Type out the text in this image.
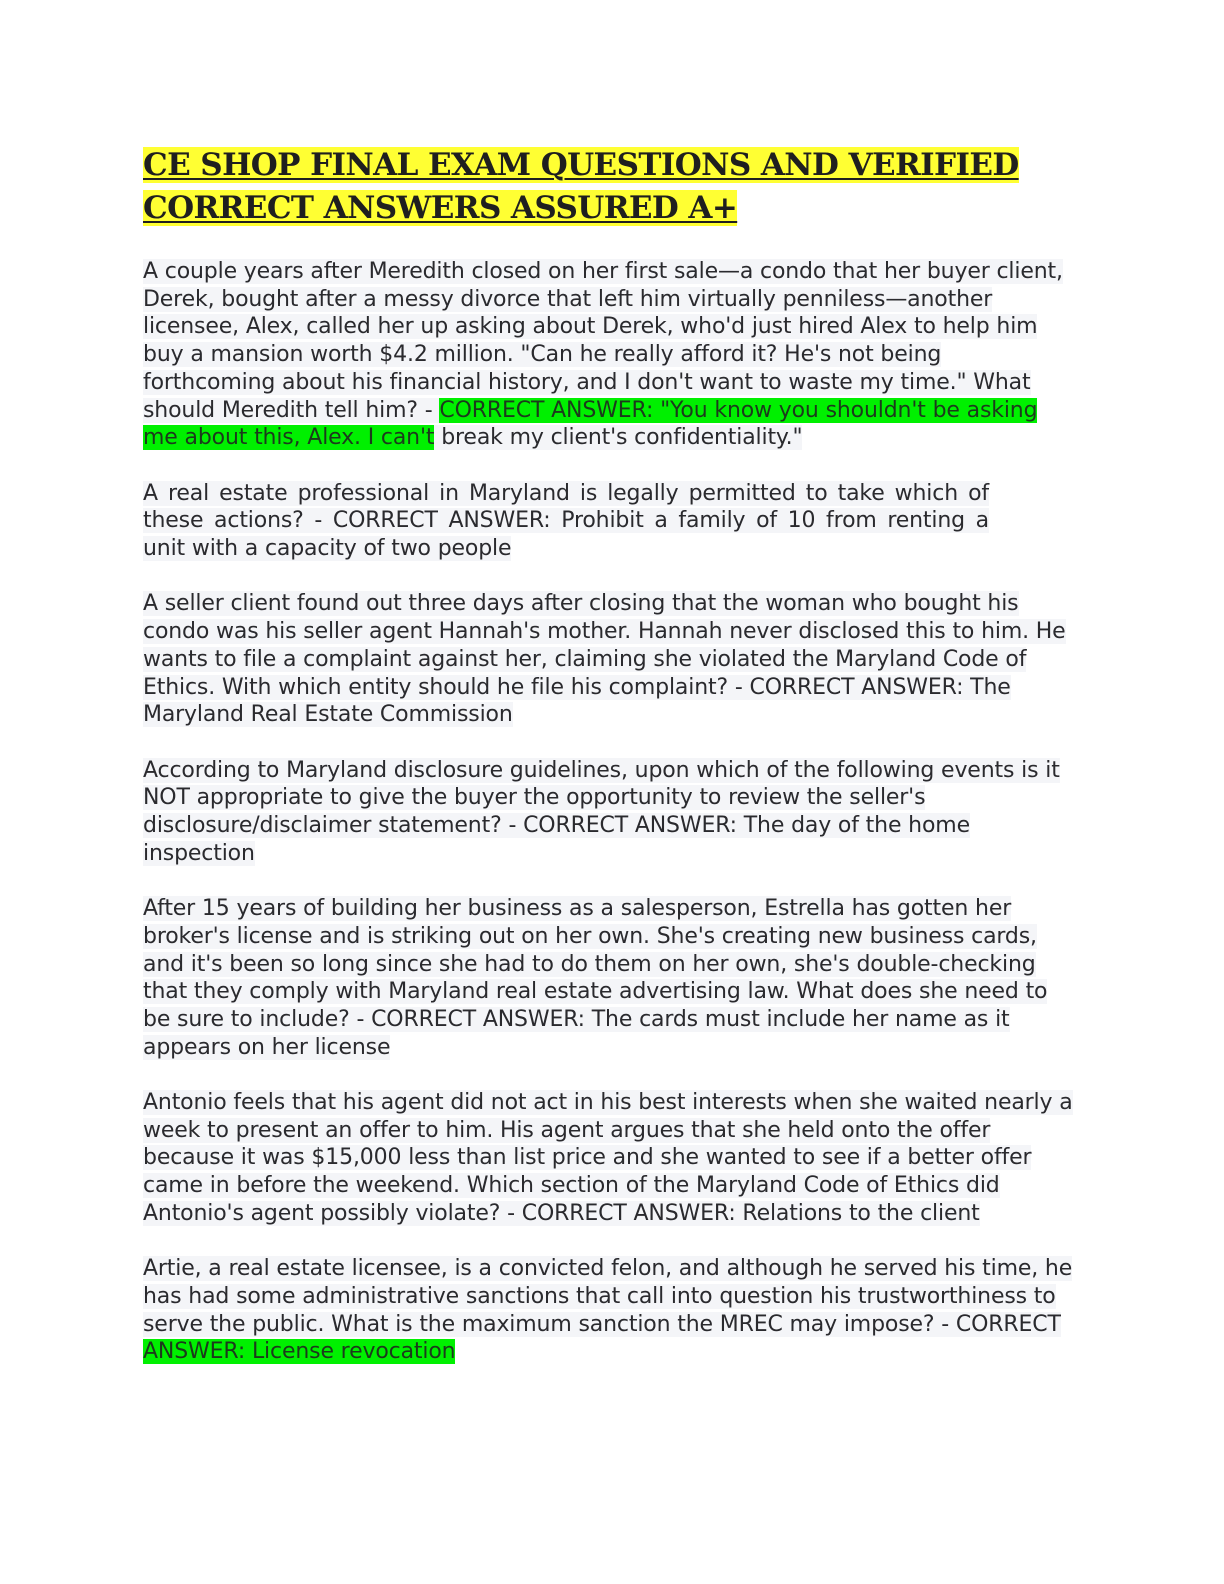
CE SHOP FINAL EXAM QUESTIONS AND VERIFIED
CORRECT ANSWERS ASSURED A+

A couple years after Meredith closed on her first sale—a condo that her buyer client, Derek, bought after a messy divorce that left him virtually penniless—another licensee, Alex, called her up asking about Derek, who'd just hired Alex to help him buy a mansion worth $4.2 million. "Can he really afford it? He's not being forthcoming about his financial history, and I don't want to waste my time." What should Meredith tell him? - CORRECT ANSWER: "You know you shouldn't be asking me about this, Alex. I can't break my client's confidentiality."

A real estate professional in Maryland is legally permitted to take which of these actions? - CORRECT ANSWER: Prohibit a family of 10 from renting a unit with a capacity of two people

A seller client found out three days after closing that the woman who bought his condo was his seller agent Hannah's mother. Hannah never disclosed this to him. He wants to file a complaint against her, claiming she violated the Maryland Code of Ethics. With which entity should he file his complaint? - CORRECT ANSWER: The Maryland Real Estate Commission

According to Maryland disclosure guidelines, upon which of the following events is it NOT appropriate to give the buyer the opportunity to review the seller's disclosure/disclaimer statement? - CORRECT ANSWER: The day of the home inspection

After 15 years of building her business as a salesperson, Estrella has gotten her broker's license and is striking out on her own. She's creating new business cards, and it's been so long since she had to do them on her own, she's double-checking that they comply with Maryland real estate advertising law. What does she need to be sure to include? - CORRECT ANSWER: The cards must include her name as it appears on her license

Antonio feels that his agent did not act in his best interests when she waited nearly a week to present an offer to him. His agent argues that she held onto the offer because it was $15,000 less than list price and she wanted to see if a better offer came in before the weekend. Which section of the Maryland Code of Ethics did Antonio's agent possibly violate? - CORRECT ANSWER: Relations to the client

Artie, a real estate licensee, is a convicted felon, and although he served his time, he has had some administrative sanctions that call into question his trustworthiness to serve the public. What is the maximum sanction the MREC may impose? - CORRECT ANSWER: License revocation
